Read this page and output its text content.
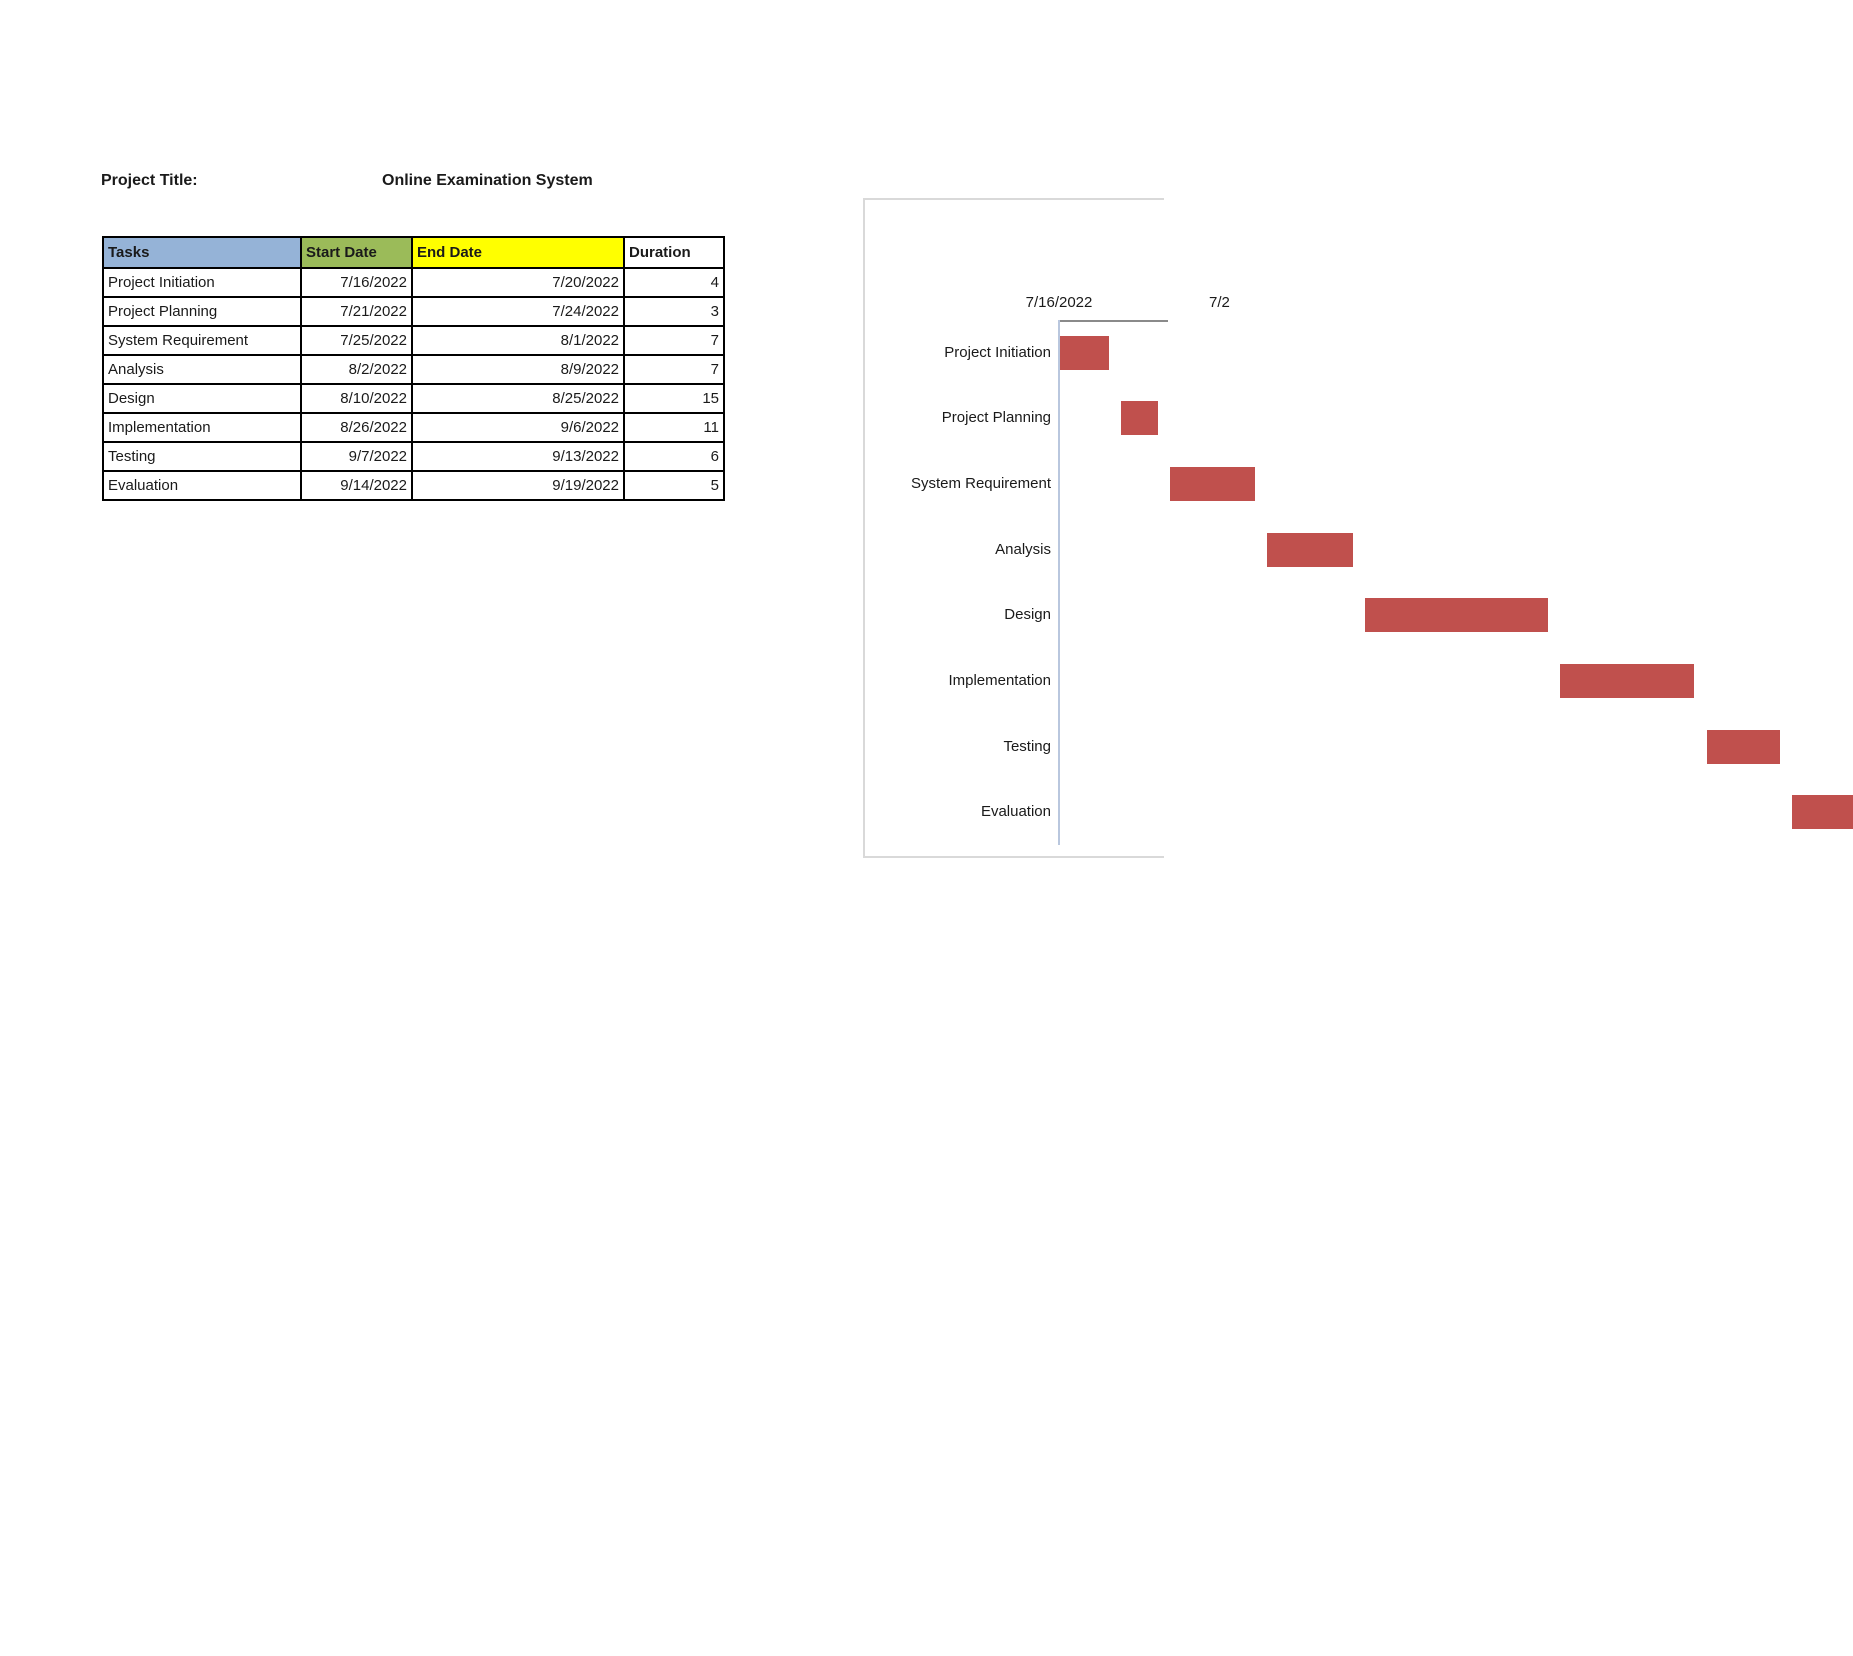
Project Title:	Online Examination System
Tasks	Start Date	End Date	Duration
Project Initiation	7/16/2022	7/20/2022	4
Project Planning	7/21/2022	7/24/2022	3
System Requirement	7/25/2022	8/1/2022	7
Analysis	8/2/2022	8/9/2022	7
Design	8/10/2022	8/25/2022	15
Implementation	8/26/2022	9/6/2022	11
Testing	9/7/2022	9/13/2022	6
Evaluation	9/14/2022	9/19/2022	5
7/16/2022	7/2
Project Initiation
Project Planning
System Requirement
Analysis
Design
Implementation
Testing
Evaluation
